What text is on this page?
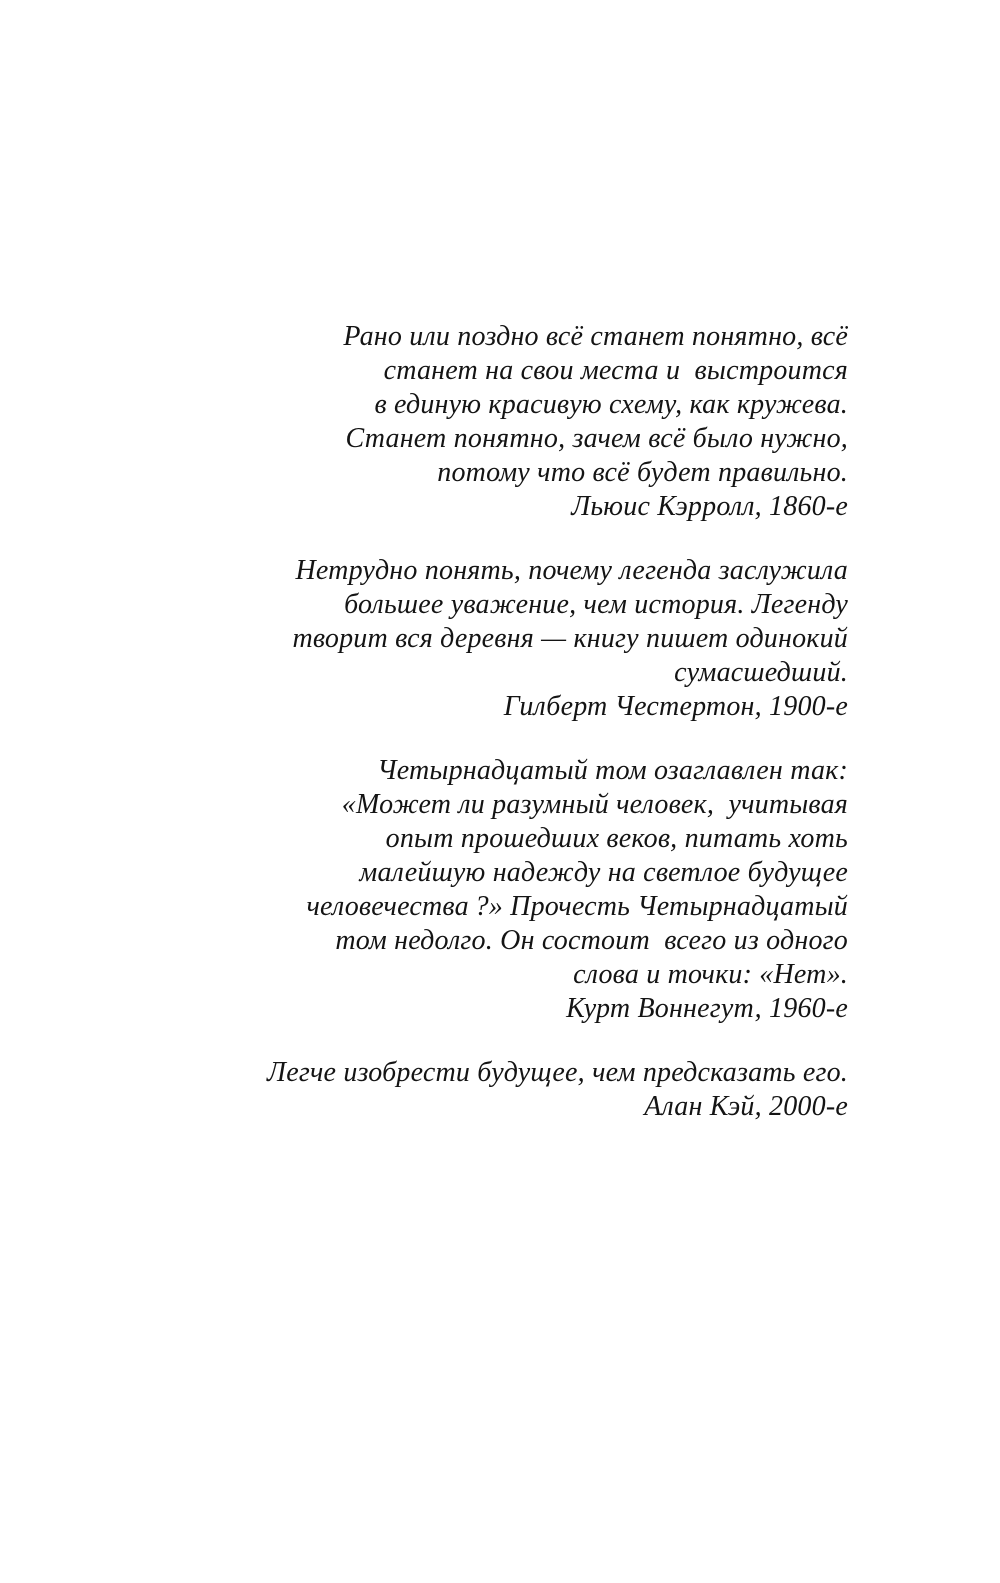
Рано или поздно всё станет понятно, всё
станет на свои места и  выстроится
в единую красивую схему, как кружева.
Станет понятно, зачем всё было нужно,
потому что всё будет правильно.
Льюис Кэрролл, 1860-е
Нетрудно понять, почему легенда заслужила
большее уважение, чем история. Легенду
творит вся деревня — книгу пишет одинокий
сумасшедший.
Гилберт Честертон, 1900-е
Четырнадцатый том озаглавлен так:
«Может ли разумный человек,  учитывая
опыт прошедших веков, питать хоть
малейшую надежду на светлое будущее
человечества ?» Прочесть Четырнадцатый
том недолго. Он состоит  всего из одного
слова и точки: «Нет».
Курт Воннегут, 1960-е
Легче изобрести будущее, чем предсказать его.
Алан Кэй, 2000-е
